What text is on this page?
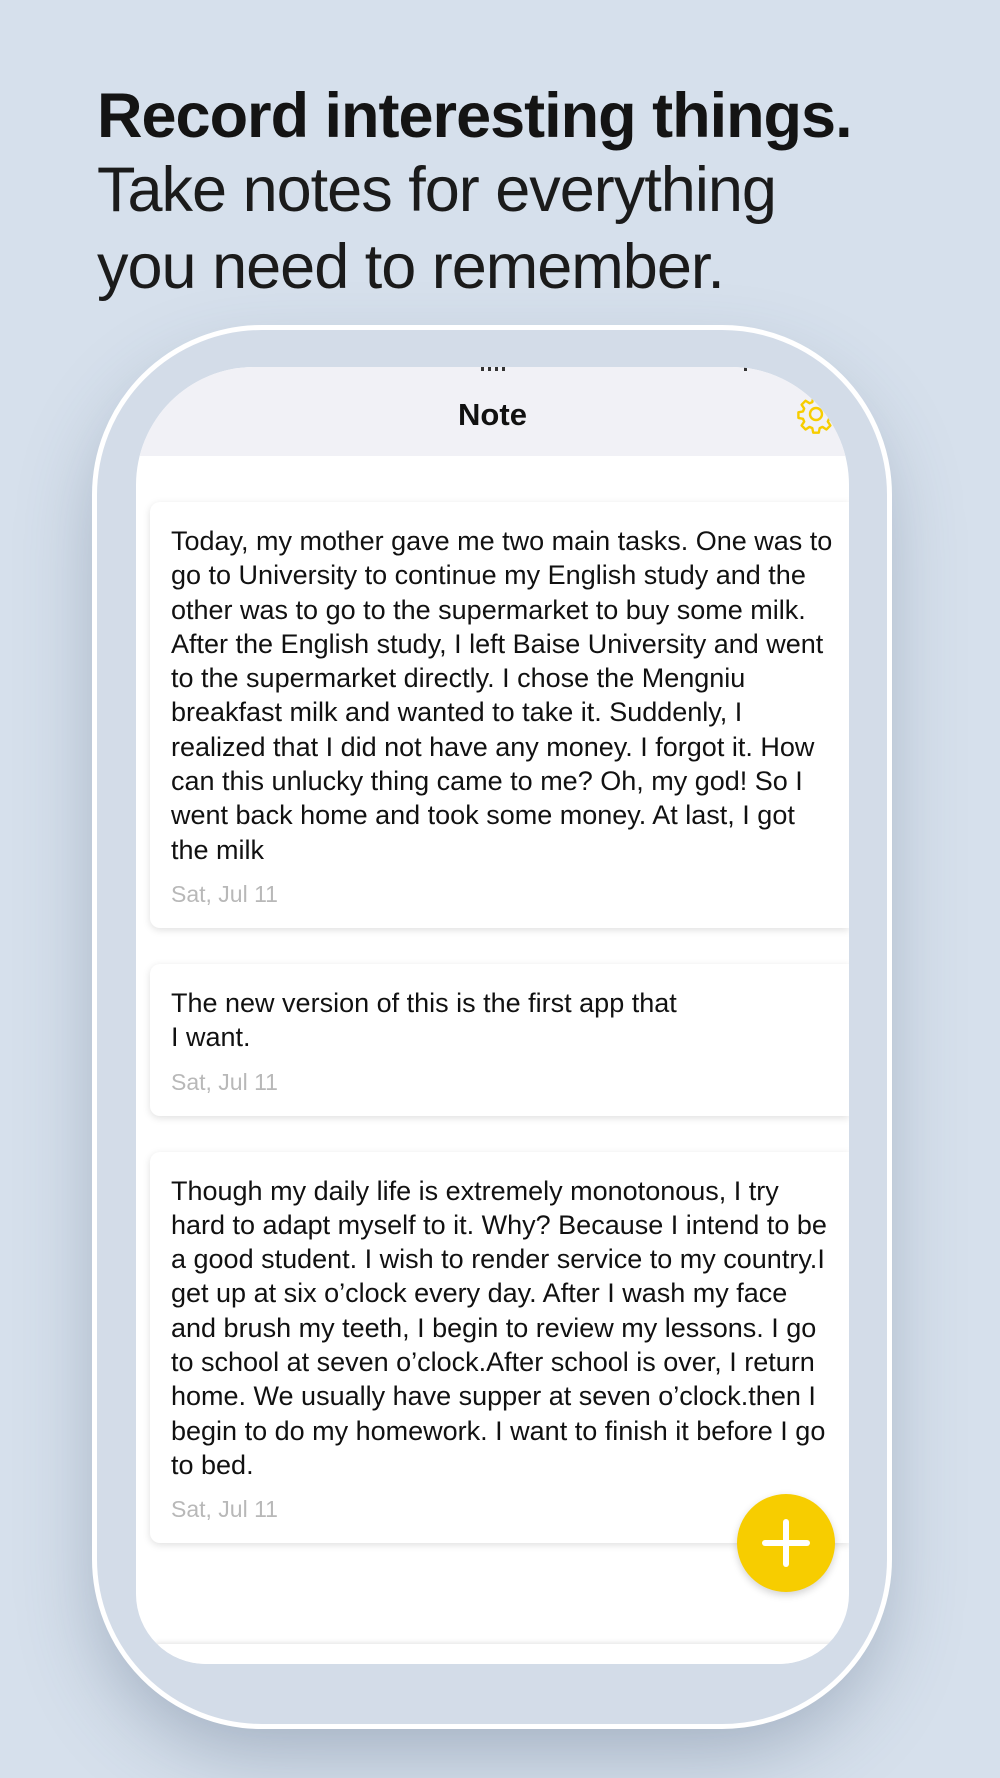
Record interesting things.

Take notes for everything
you need to remember.

Note

Today, my mother gave me two main tasks. One was to go to University to continue my English study and the other was to go to the supermarket to buy some milk. After the English study, I left Baise University and went to the supermarket directly. I chose the Mengniu breakfast milk and wanted to take it. Suddenly, I realized that I did not have any money. I forgot it. How can this unlucky thing came to me? Oh, my god! So I went back home and took some money. At last, I got the milk

Sat, Jul 11

The new version of this is the first app that
I want.

Sat, Jul 11

Though my daily life is extremely monotonous, I try hard to adapt myself to it. Why? Because I intend to be a good student. I wish to render service to my country.I get up at six o’clock every day. After I wash my face and brush my teeth, I begin to review my lessons. I go to school at seven o’clock.After school is over, I return home. We usually have supper at seven o’clock.then I begin to do my homework. I want to finish it before I go to bed.

Sat, Jul 11
